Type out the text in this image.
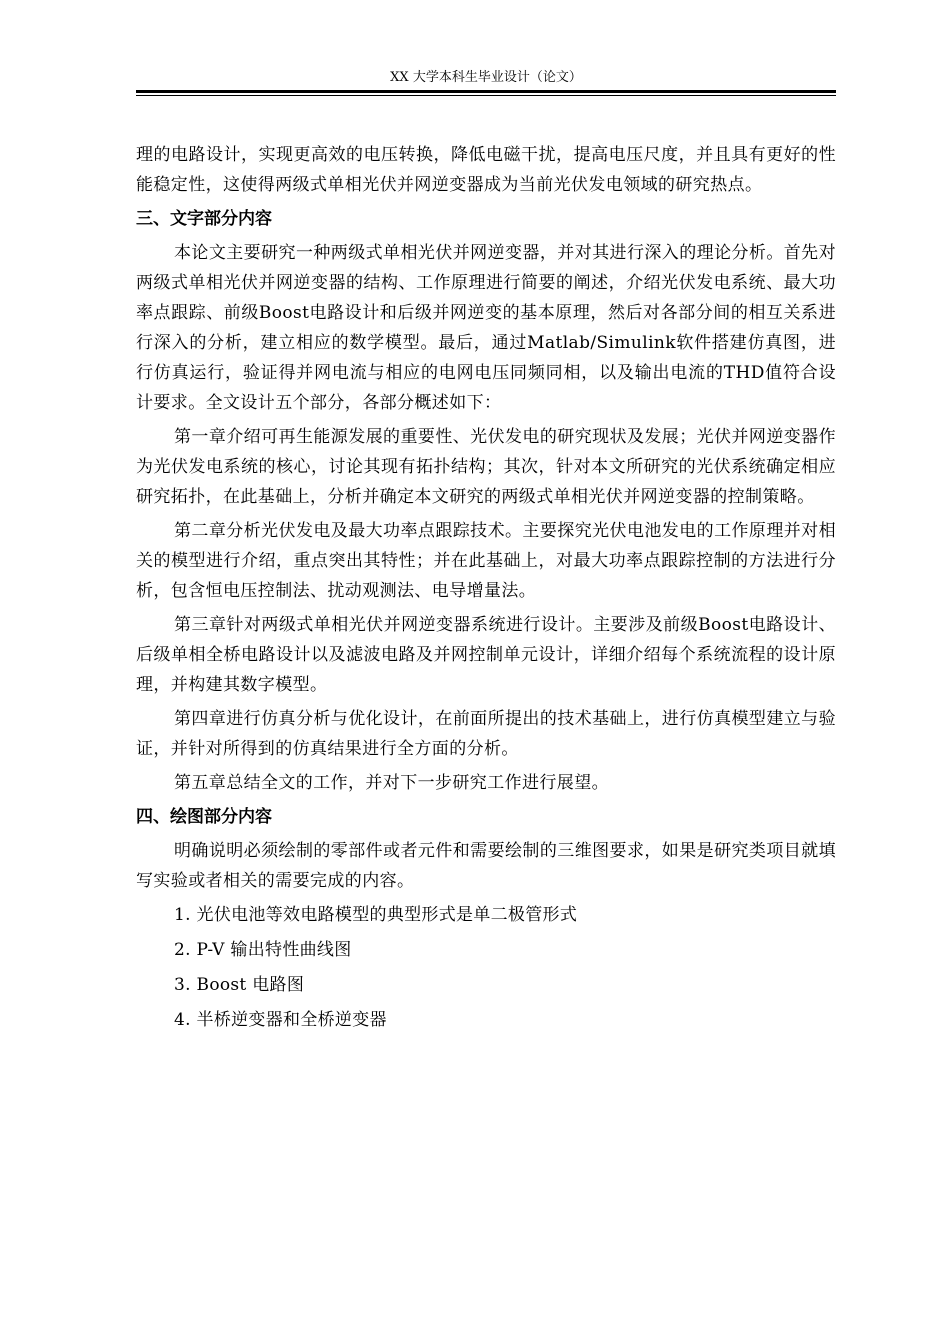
XX 大学本科生毕业设计（论文）

理的电路设计，实现更高效的电压转换，降低电磁干扰，提高电压尺度，并且具有更好的性能稳定性，这使得两级式单相光伏并网逆变器成为当前光伏发电领域的研究热点。

三、文字部分内容

本论文主要研究一种两级式单相光伏并网逆变器，并对其进行深入的理论分析。首先对两级式单相光伏并网逆变器的结构、工作原理进行简要的阐述，介绍光伏发电系统、最大功率点跟踪、前级Boost电路设计和后级并网逆变的基本原理，然后对各部分间的相互关系进行深入的分析，建立相应的数学模型。最后，通过Matlab/Simulink软件搭建仿真图，进行仿真运行，验证得并网电流与相应的电网电压同频同相，以及输出电流的THD值符合设计要求。全文设计五个部分，各部分概述如下：

第一章介绍可再生能源发展的重要性、光伏发电的研究现状及发展；光伏并网逆变器作为光伏发电系统的核心，讨论其现有拓扑结构；其次，针对本文所研究的光伏系统确定相应研究拓扑，在此基础上，分析并确定本文研究的两级式单相光伏并网逆变器的控制策略。

第二章分析光伏发电及最大功率点跟踪技术。主要探究光伏电池发电的工作原理并对相关的模型进行介绍，重点突出其特性；并在此基础上，对最大功率点跟踪控制的方法进行分析，包含恒电压控制法、扰动观测法、电导增量法。

第三章针对两级式单相光伏并网逆变器系统进行设计。主要涉及前级Boost电路设计、后级单相全桥电路设计以及滤波电路及并网控制单元设计，详细介绍每个系统流程的设计原理，并构建其数字模型。

第四章进行仿真分析与优化设计，在前面所提出的技术基础上，进行仿真模型建立与验证，并针对所得到的仿真结果进行全方面的分析。

第五章总结全文的工作，并对下一步研究工作进行展望。

四、绘图部分内容

明确说明必须绘制的零部件或者元件和需要绘制的三维图要求，如果是研究类项目就填写实验或者相关的需要完成的内容。

1. 光伏电池等效电路模型的典型形式是单二极管形式
2. P-V 输出特性曲线图
3. Boost 电路图
4. 半桥逆变器和全桥逆变器
